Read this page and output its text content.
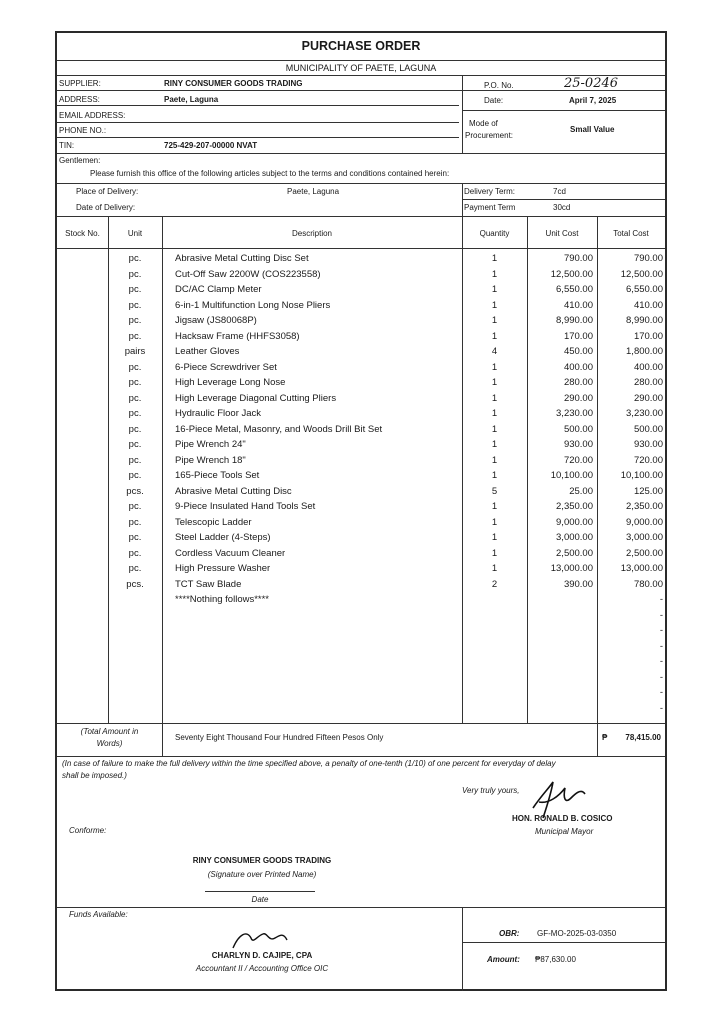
PURCHASE ORDER
MUNICIPALITY OF PAETE, LAGUNA
SUPPLIER:	RINY CONSUMER GOODS TRADING
ADDRESS:	Paete, Laguna
EMAIL ADDRESS:
PHONE NO.:
TIN:	725-429-207-00000 NVAT
P.O. No.	25-0246
Date:	April 7, 2025
Mode of
Procurement:
Small Value
Gentlemen:
Please furnish this office of the following articles subject to the terms and conditions contained herein:
Place of Delivery:	Paete, Laguna
Date of Delivery:
Delivery Term:	7cd
Payment Term	30cd
Stock No.	Unit	Description	Quantity	Unit Cost	Total Cost
pc.	Abrasive Metal Cutting Disc Set	1	790.00	790.00
pc.	Cut-Off Saw 2200W (COS223558)	1	12,500.00	12,500.00
pc.	DC/AC Clamp Meter	1	6,550.00	6,550.00
pc.	6-in-1 Multifunction Long Nose Pliers	1	410.00	410.00
pc.	Jigsaw (JS80068P)	1	8,990.00	8,990.00
pc.	Hacksaw Frame (HHFS3058)	1	170.00	170.00
pairs	Leather Gloves	4	450.00	1,800.00
pc.	6-Piece Screwdriver Set	1	400.00	400.00
pc.	High Leverage Long Nose	1	280.00	280.00
pc.	High Leverage Diagonal Cutting Pliers	1	290.00	290.00
pc.	Hydraulic Floor Jack	1	3,230.00	3,230.00
pc.	16-Piece Metal, Masonry, and Woods Drill Bit Set	1	500.00	500.00
pc.	Pipe Wrench 24"	1	930.00	930.00
pc.	Pipe Wrench 18"	1	720.00	720.00
pc.	165-Piece Tools Set	1	10,100.00	10,100.00
pcs.	Abrasive Metal Cutting Disc	5	25.00	125.00
pc.	9-Piece Insulated Hand Tools Set	1	2,350.00	2,350.00
pc.	Telescopic Ladder	1	9,000.00	9,000.00
pc.	Steel Ladder (4-Steps)	1	3,000.00	3,000.00
pc.	Cordless Vacuum Cleaner	1	2,500.00	2,500.00
pc.	High Pressure Washer	1	13,000.00	13,000.00
pcs.	TCT Saw Blade	2	390.00	780.00
****Nothing follows****	-
-
-
-
-
-
-
-
(Total Amount in
Words)
Seventy Eight Thousand Four Hundred Fifteen Pesos Only	₱	78,415.00
(In case of failure to make the full delivery within the time specified above, a penalty of one-tenth (1/10) of one percent for everyday of delay
shall be imposed.)
Very truly yours,
HON. RONALD B. COSICO
Municipal Mayor
Conforme:
RINY CONSUMER GOODS TRADING
(Signature over Printed Name)
Date
Funds Available:
CHARLYN D. CAJIPE, CPA
Accountant II / Accounting Office OIC
OBR: GF-MO-2025-03-0350
Amount: ₱87,630.00
